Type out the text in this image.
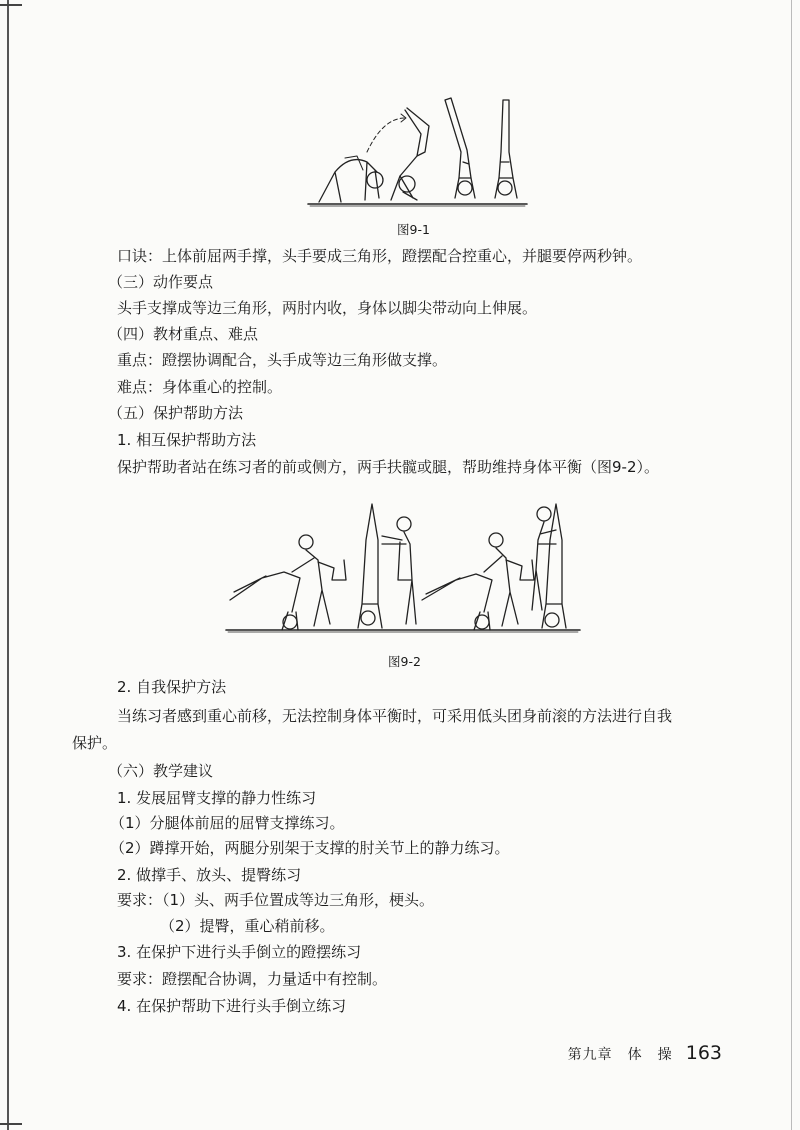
图9-1
口诀：上体前屈两手撑，头手要成三角形，蹬摆配合控重心，并腿要停两秒钟。
（三）动作要点
头手支撑成等边三角形，两肘内收，身体以脚尖带动向上伸展。
（四）教材重点、难点
重点：蹬摆协调配合，头手成等边三角形做支撑。
难点：身体重心的控制。
（五）保护帮助方法
1. 相互保护帮助方法
保护帮助者站在练习者的前或侧方，两手扶髋或腿，帮助维持身体平衡（图9-2）。
图9-2
2. 自我保护方法
当练习者感到重心前移，无法控制身体平衡时，可采用低头团身前滚的方法进行自我
保护。
（六）教学建议
1. 发展屈臂支撑的静力性练习
（1）分腿体前屈的屈臂支撑练习。
（2）蹲撑开始，两腿分别架于支撑的肘关节上的静力练习。
2. 做撑手、放头、提臀练习
要求：（1）头、两手位置成等边三角形，梗头。
（2）提臀，重心稍前移。
3. 在保护下进行头手倒立的蹬摆练习
要求：蹬摆配合协调，力量适中有控制。
4. 在保护帮助下进行头手倒立练习
第九章　体　操 163
